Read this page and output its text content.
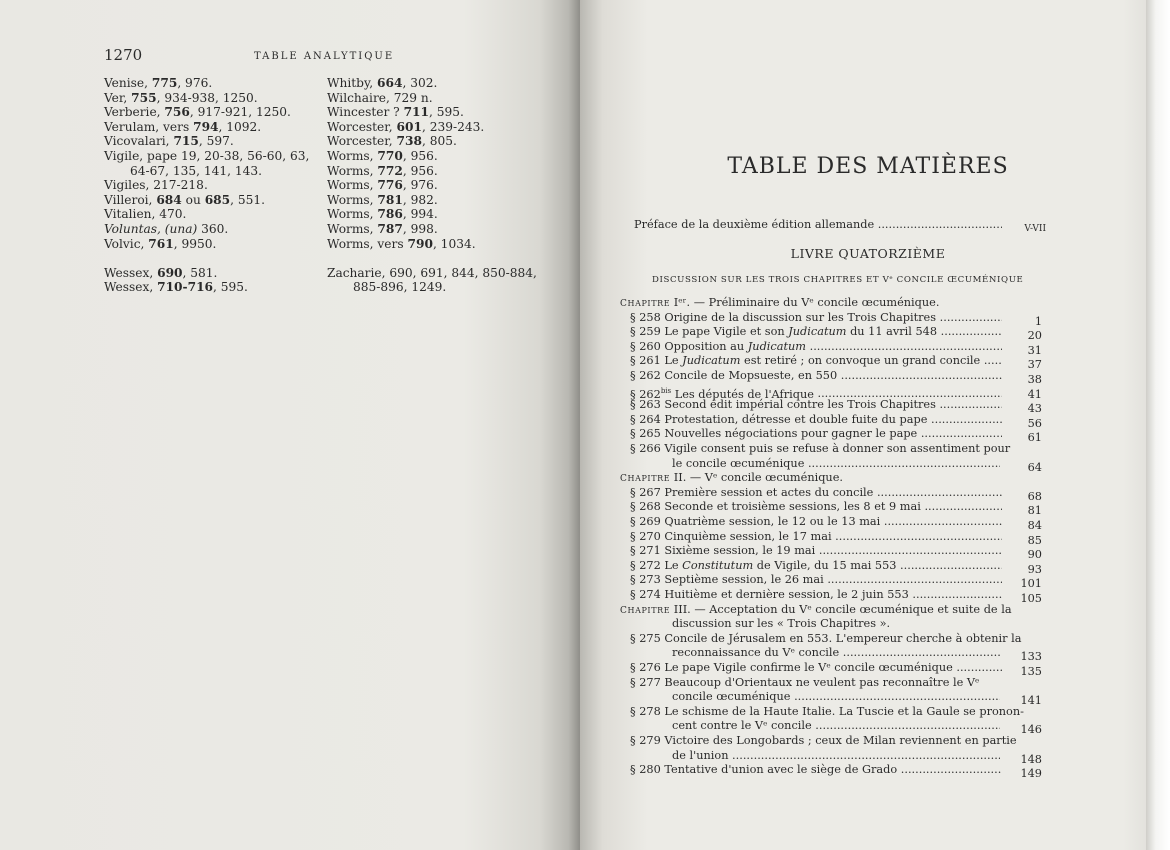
1270	TABLE ANALYTIQUE
Venise, 775, 976.
Ver, 755, 934-938, 1250.
Verberie, 756, 917-921, 1250.
Verulam, vers 794, 1092.
Vicovalari, 715, 597.
Vigile, pape 19, 20-38, 56-60, 63,
64-67, 135, 141, 143.
Vigiles, 217-218.
Villeroi, 684 ou 685, 551.
Vitalien, 470.
Voluntas, (una) 360.
Volvic, 761, 9950.
Wessex, 690, 581.
Wessex, 710-716, 595.
Whitby, 664, 302.
Wilchaire, 729 n.
Wincester ? 711, 595.
Worcester, 601, 239-243.
Worcester, 738, 805.
Worms, 770, 956.
Worms, 772, 956.
Worms, 776, 976.
Worms, 781, 982.
Worms, 786, 994.
Worms, 787, 998.
Worms, vers 790, 1034.
Zacharie, 690, 691, 844, 850-884,
885-896, 1249.
TABLE DES MATIÈRES
Préface de la deuxième édition allemande .....	V-VII
LIVRE QUATORZIÈME
DISCUSSION SUR LES TROIS CHAPITRES ET Vᵉ CONCILE ŒCUMÉNIQUE
CHAPITRE Iᵉʳ. — Préliminaire du Vᵉ concile œcuménique.
§ 258 Origine de la discussion sur les Trois Chapitres .....	1
§ 259 Le pape Vigile et son Judicatum du 11 avril 548 .....	20
§ 260 Opposition au Judicatum .....	31
§ 261 Le Judicatum est retiré ; on convoque un grand concile .....	37
§ 262 Concile de Mopsueste, en 550 .....	38
§ $262^{bis}$ Les députés de l'Afrique .....	41
§ 263 Second édit impérial contre les Trois Chapitres .....	43
§ 264 Protestation, détresse et double fuite du pape .....	56
§ 265 Nouvelles négociations pour gagner le pape .....	61
§ 266 Vigile consent puis se refuse à donner son assentiment pour
le concile œcuménique .....	64
CHAPITRE II. — Vᵉ concile œcuménique.
§ 267 Première session et actes du concile .....	68
§ 268 Seconde et troisième sessions, les 8 et 9 mai .....	81
§ 269 Quatrième session, le 12 ou le 13 mai .....	84
§ 270 Cinquième session, le 17 mai .....	85
§ 271 Sixième session, le 19 mai .....	90
§ 272 Le Constitutum de Vigile, du 15 mai 553 .....	93
§ 273 Septième session, le 26 mai .....	101
§ 274 Huitième et dernière session, le 2 juin 553 .....	105
CHAPITRE III. — Acceptation du Vᵉ concile œcuménique et suite de la
discussion sur les « Trois Chapitres ».
§ 275 Concile de Jérusalem en 553. L'empereur cherche à obtenir la
reconnaissance du Vᵉ concile .....	133
§ 276 Le pape Vigile confirme le Vᵉ concile œcuménique .....	135
§ 277 Beaucoup d'Orientaux ne veulent pas reconnaître le Vᵉ
concile œcuménique .....	141
§ 278 Le schisme de la Haute Italie. La Tuscie et la Gaule se pronon-
cent contre le Vᵉ concile .....	146
§ 279 Victoire des Longobards ; ceux de Milan reviennent en partie
de l'union .....	148
§ 280 Tentative d'union avec le siège de Grado .....	149
